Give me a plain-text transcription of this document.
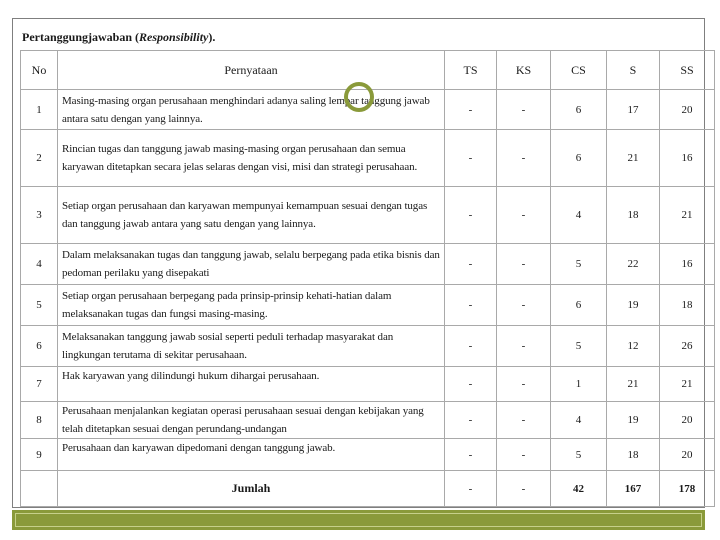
Pertanggungjawaban (Responsibility).
No	Pernyataan	TS	KS	CS	S	SS
1	Masing-masing organ perusahaan menghindari adanya saling lempar tanggung jawab antara satu dengan yang lainnya.	-	-	6	17	20
2	Rincian tugas dan tanggung jawab masing-masing organ perusahaan dan semua karyawan ditetapkan secara jelas selaras dengan visi, misi dan strategi perusahaan.	-	-	6	21	16
3	Setiap organ perusahaan dan karyawan mempunyai kemampuan sesuai dengan tugas dan tanggung jawab antara yang satu dengan yang lainnya.	-	-	4	18	21
4	Dalam melaksanakan tugas dan tanggung jawab, selalu berpegang pada etika bisnis dan pedoman perilaku yang disepakati	-	-	5	22	16
5	Setiap organ perusahaan berpegang pada prinsip-prinsip kehati-hatian dalam melaksanakan tugas dan fungsi masing-masing.	-	-	6	19	18
6	Melaksanakan tanggung jawab sosial seperti peduli terhadap masyarakat dan lingkungan terutama di sekitar perusahaan.	-	-	5	12	26
7	Hak karyawan yang dilindungi hukum dihargai perusahaan.	-	-	1	21	21
8	Perusahaan menjalankan kegiatan operasi perusahaan sesuai dengan kebijakan yang telah ditetapkan sesuai dengan perundang-undangan	-	-	4	19	20
9	Perusahaan dan karyawan dipedomani dengan tanggung jawab.	-	-	5	18	20
	Jumlah	-	-	42	167	178
